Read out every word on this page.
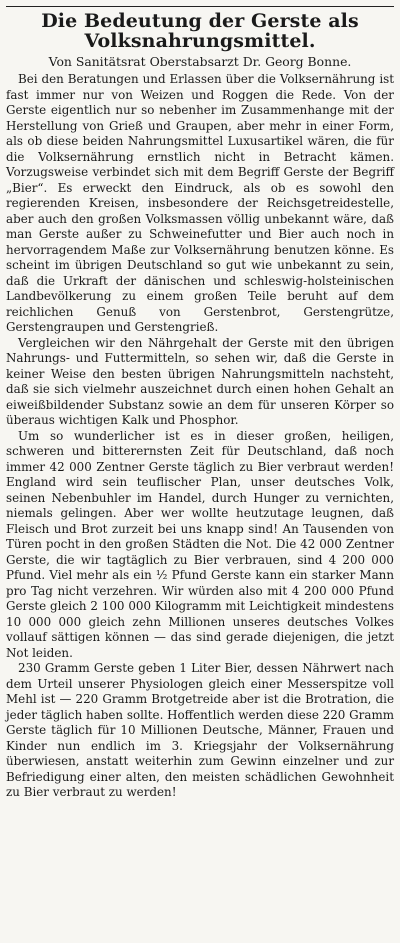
Die Bedeutung der Gerste als Volksnahrungsmittel.
Von Sanitätsrat Oberstabsarzt Dr. Georg Bonne.

Bei den Beratungen und Erlassen über die Volksernährung ist fast immer nur von Weizen und Roggen die Rede. Von der Gerste eigentlich nur so nebenher im Zusammenhange mit der Herstellung von Grieß und Graupen, aber mehr in einer Form, als ob diese beiden Nahrungsmittel Luxusartikel wären, die für die Volksernährung ernstlich nicht in Betracht kämen. Vorzugsweise verbindet sich mit dem Begriff Gerste der Begriff „Bier“. Es erweckt den Eindruck, als ob es sowohl den regierenden Kreisen, insbesondere der Reichsgetreidestelle, aber auch den großen Volksmassen völlig unbekannt wäre, daß man Gerste außer zu Schweinefutter und Bier auch noch in hervorragendem Maße zur Volksernährung benutzen könne. Es scheint im übrigen Deutschland so gut wie unbekannt zu sein, daß die Urkraft der dänischen und schleswig-holsteinischen Landbevölkerung zu einem großen Teile beruht auf dem reichlichen Genuß von Gerstenbrot, Gerstengrütze, Gerstengraupen und Gerstengrieß.

Vergleichen wir den Nährgehalt der Gerste mit den übrigen Nahrungs- und Futtermitteln, so sehen wir, daß die Gerste in keiner Weise den besten übrigen Nahrungsmitteln nachsteht, daß sie sich vielmehr auszeichnet durch einen hohen Gehalt an eiweißbildender Substanz sowie an dem für unseren Körper so überaus wichtigen Kalk und Phosphor.

Um so wunderlicher ist es in dieser großen, heiligen, schweren und bitterernsten Zeit für Deutschland, daß noch immer 42 000 Zentner Gerste täglich zu Bier verbraut werden! England wird sein teuflischer Plan, unser deutsches Volk, seinen Nebenbuhler im Handel, durch Hunger zu vernichten, niemals gelingen. Aber wer wollte heutzutage leugnen, daß Fleisch und Brot zurzeit bei uns knapp sind! An Tausenden von Türen pocht in den großen Städten die Not. Die 42 000 Zentner Gerste, die wir tagtäglich zu Bier verbrauen, sind 4 200 000 Pfund. Viel mehr als ein ½ Pfund Gerste kann ein starker Mann pro Tag nicht verzehren. Wir würden also mit 4 200 000 Pfund Gerste gleich 2 100 000 Kilogramm mit Leichtigkeit mindestens 10 000 000 gleich zehn Millionen unseres deutsches Volkes vollauf sättigen können — das sind gerade diejenigen, die jetzt Not leiden.

230 Gramm Gerste geben 1 Liter Bier, dessen Nährwert nach dem Urteil unserer Physiologen gleich einer Messerspitze voll Mehl ist — 220 Gramm Brotgetreide aber ist die Brotration, die jeder täglich haben sollte. Hoffentlich werden diese 220 Gramm Gerste täglich für 10 Millionen Deutsche, Männer, Frauen und Kinder nun endlich im 3. Kriegsjahr der Volksernährung überwiesen, anstatt weiterhin zum Gewinn einzelner und zur Befriedigung einer alten, den meisten schädlichen Gewohnheit zu Bier verbraut zu werden!
